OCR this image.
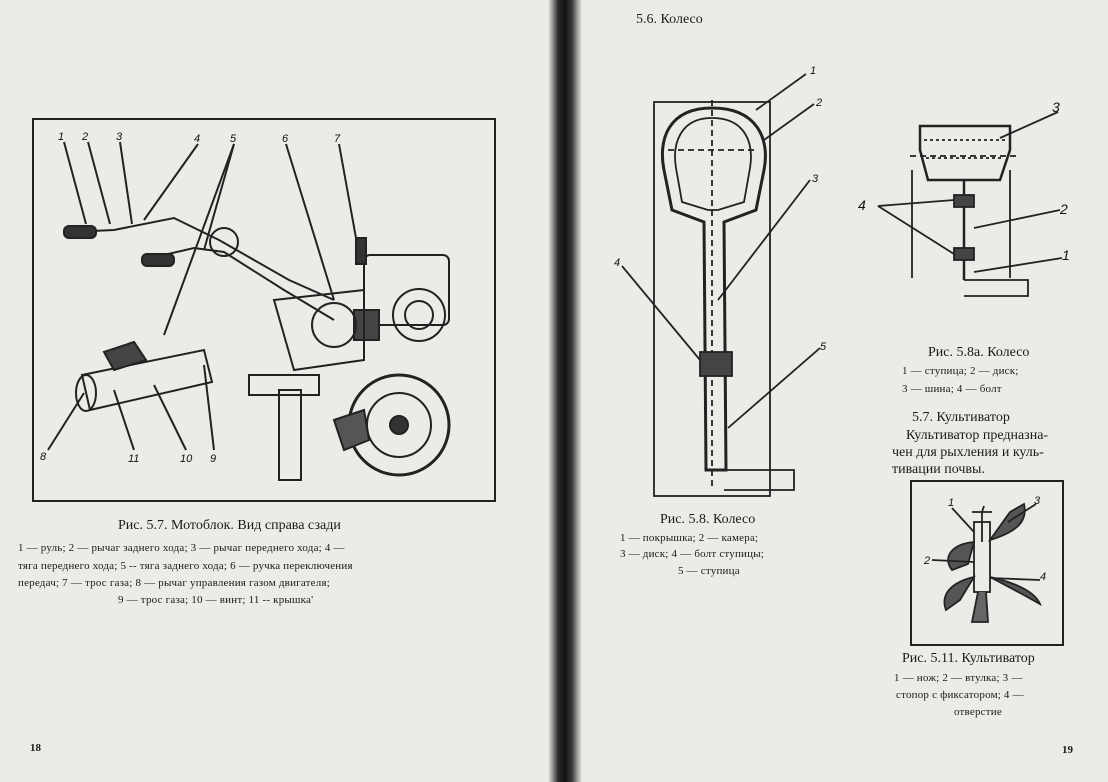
1 2	3	4	5	6	7
8	11	10 9
Рис. 5.7. Мотоблок. Вид справа сзади
1 — руль; 2 — рычаг заднего хода; 3 — рычаг переднего хода; 4 —
тяга переднего хода; 5 -- тяга заднего хода; 6 — ручка переключения
передач; 7 — трос газа; 8 — рычаг управления газом двигателя;
9 — трос газа; 10 — винт; 11 -- крышка'
18
5.6. Колесо
1
2
3
4
5
Рис. 5.8. Колесо
1 — покрышка; 2 — камера;
3 — диск; 4 — болт ступицы;
5 — ступица
3
4	2
1
Рис. 5.8а. Колесо
1 — ступица; 2 — диск;
3 — шина; 4 — болт
5.7. Культиватор
Культиватор предназна-
чен для рыхления и куль-
тивации почвы.
1
2
3
4
Рис. 5.11. Культиватор
1 — нож; 2 — втулка; 3 —
стопор с фиксатором; 4 —
отверстие
19
